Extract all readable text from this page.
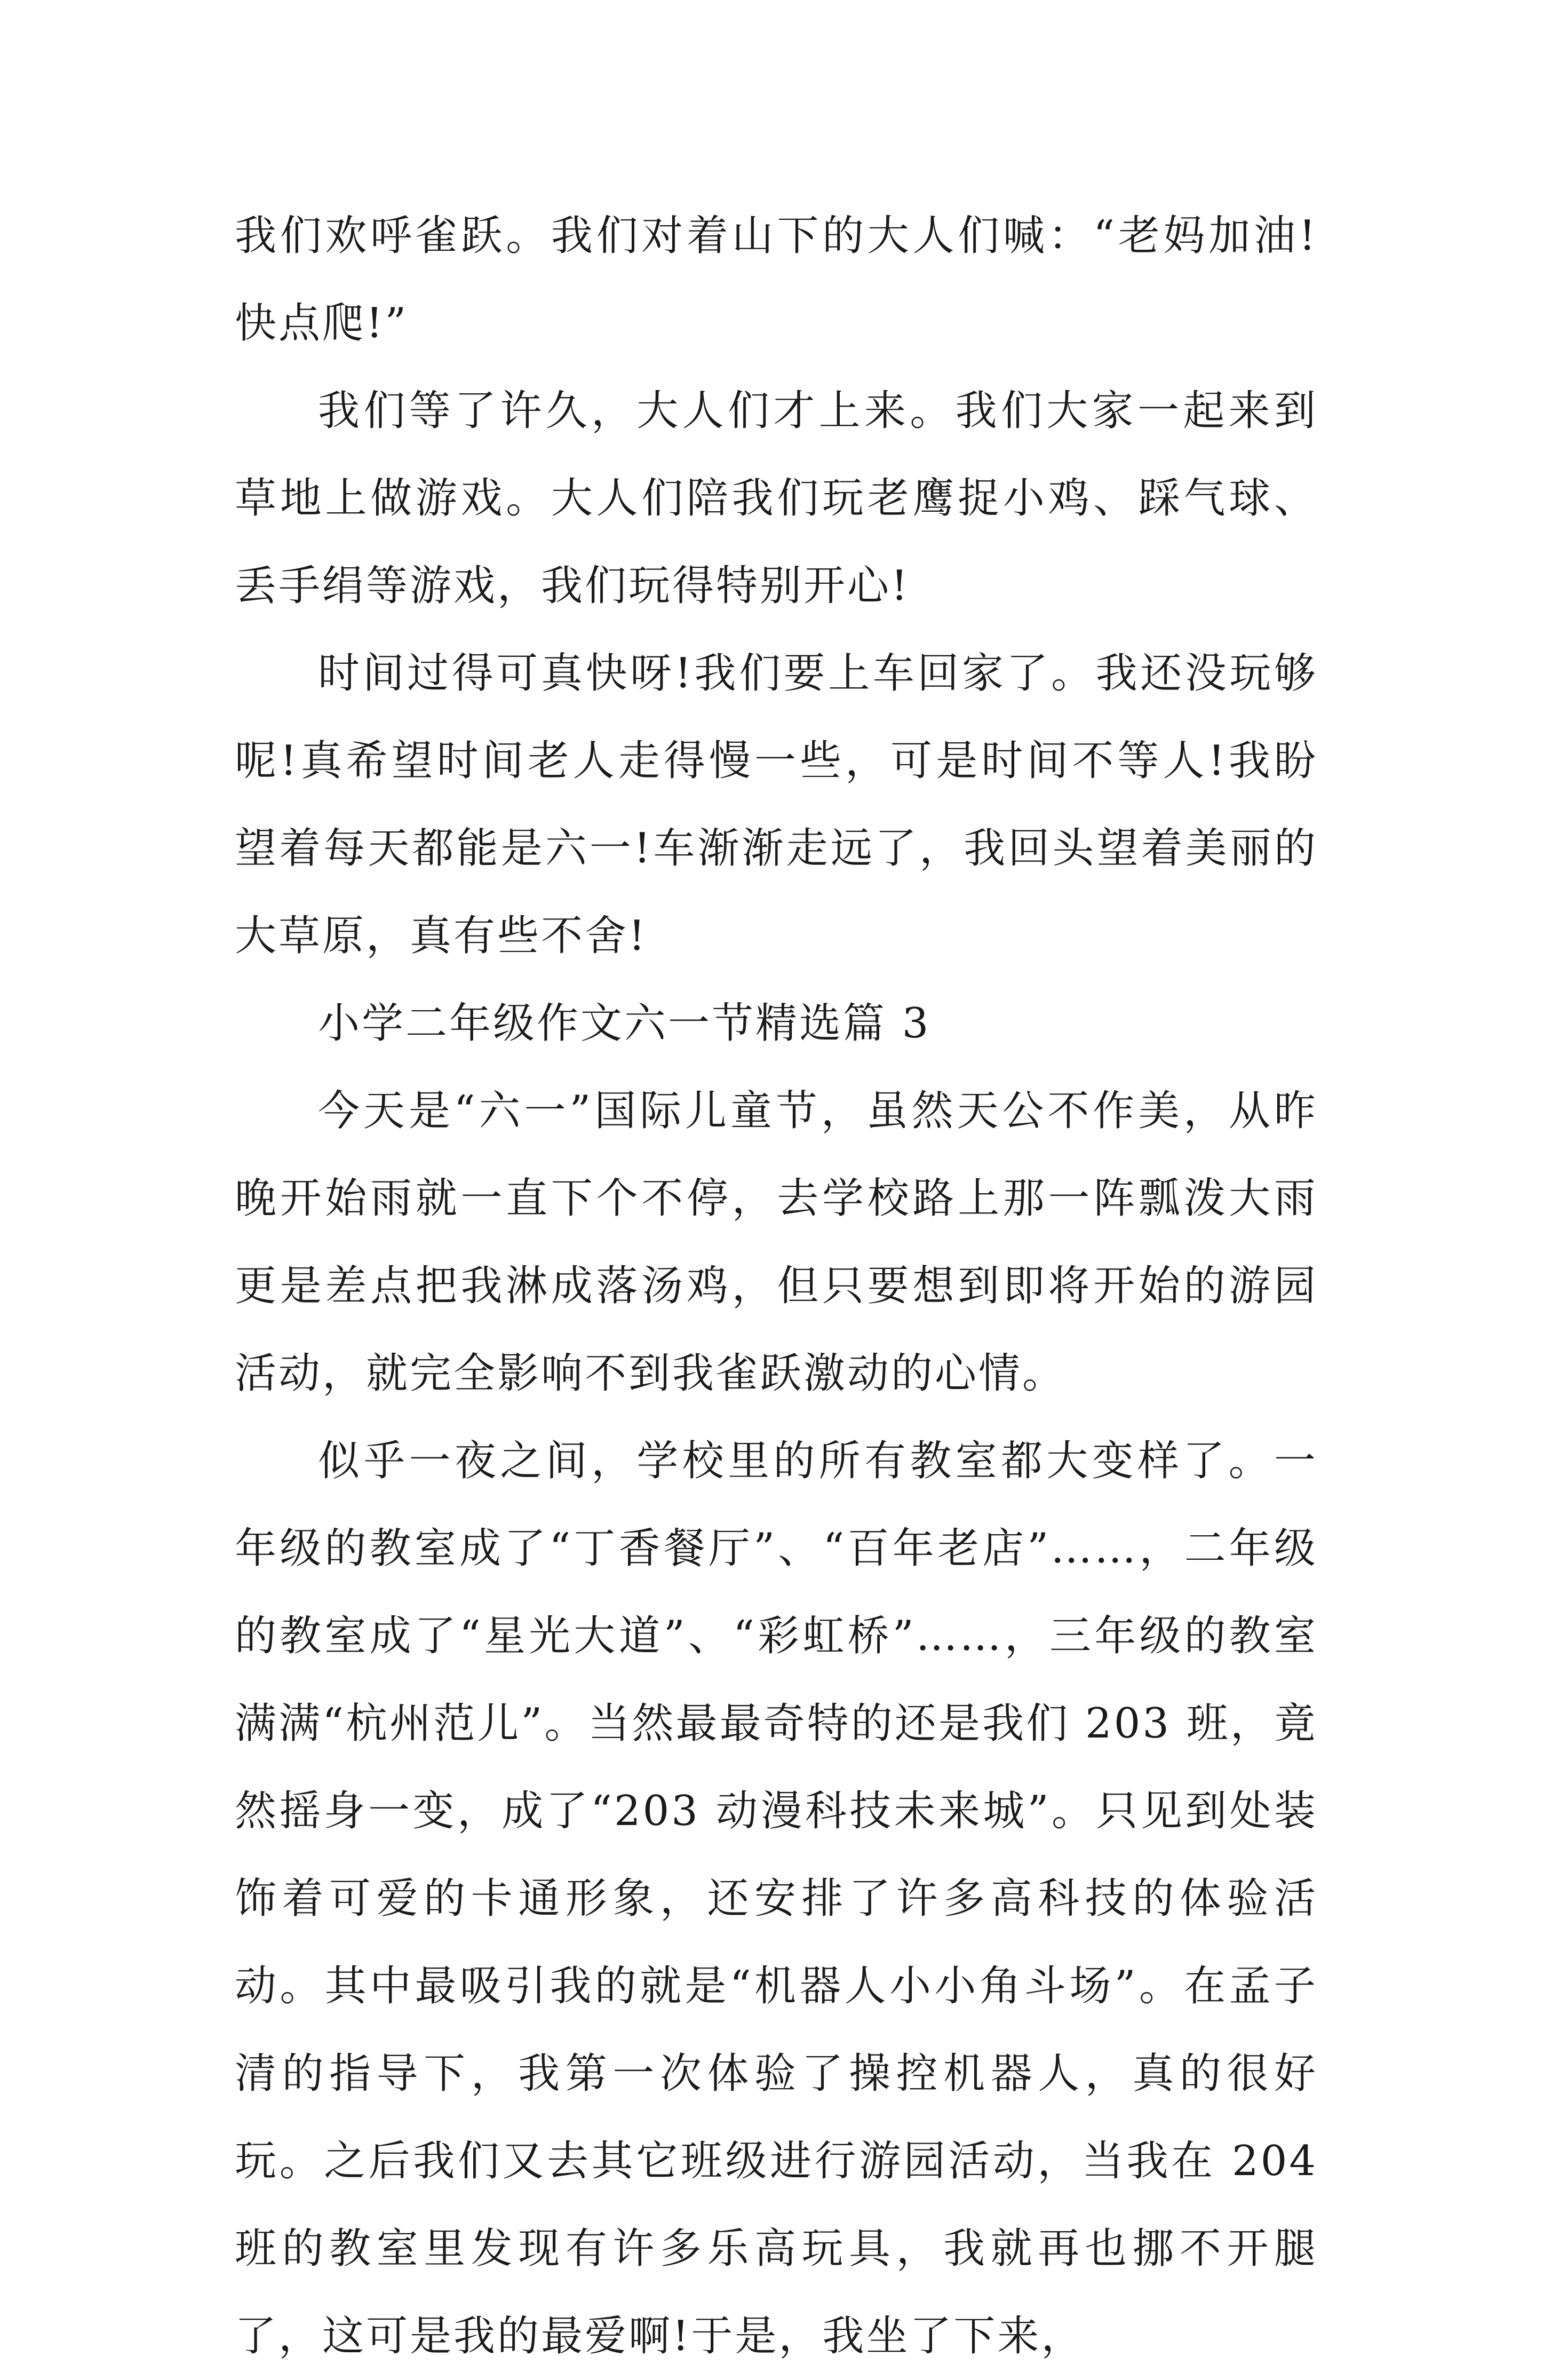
我们欢呼雀跃。我们对着山下的大人们喊：“老妈加油!快点爬!”

我们等了许久，大人们才上来。我们大家一起来到草地上做游戏。大人们陪我们玩老鹰捉小鸡、踩气球、丢手绢等游戏，我们玩得特别开心!

时间过得可真快呀!我们要上车回家了。我还没玩够呢!真希望时间老人走得慢一些，可是时间不等人!我盼望着每天都能是六一!车渐渐走远了，我回头望着美丽的大草原，真有些不舍!

小学二年级作文六一节精选篇 3

今天是“六一”国际儿童节，虽然天公不作美，从昨晚开始雨就一直下个不停，去学校路上那一阵瓢泼大雨更是差点把我淋成落汤鸡，但只要想到即将开始的游园活动，就完全影响不到我雀跃激动的心情。

似乎一夜之间，学校里的所有教室都大变样了。一年级的教室成了“丁香餐厅”、“百年老店”……，二年级的教室成了“星光大道”、“彩虹桥”……，三年级的教室满满“杭州范儿”。当然最最奇特的还是我们 203 班，竟然摇身一变，成了“203 动漫科技未来城”。只见到处装饰着可爱的卡通形象，还安排了许多高科技的体验活动。其中最吸引我的就是“机器人小小角斗场”。在孟子清的指导下，我第一次体验了操控机器人，真的很好玩。之后我们又去其它班级进行游园活动，当我在 204 班的教室里发现有许多乐高玩具，我就再也挪不开腿了，这可是我的最爱啊!于是，我坐了下来，
